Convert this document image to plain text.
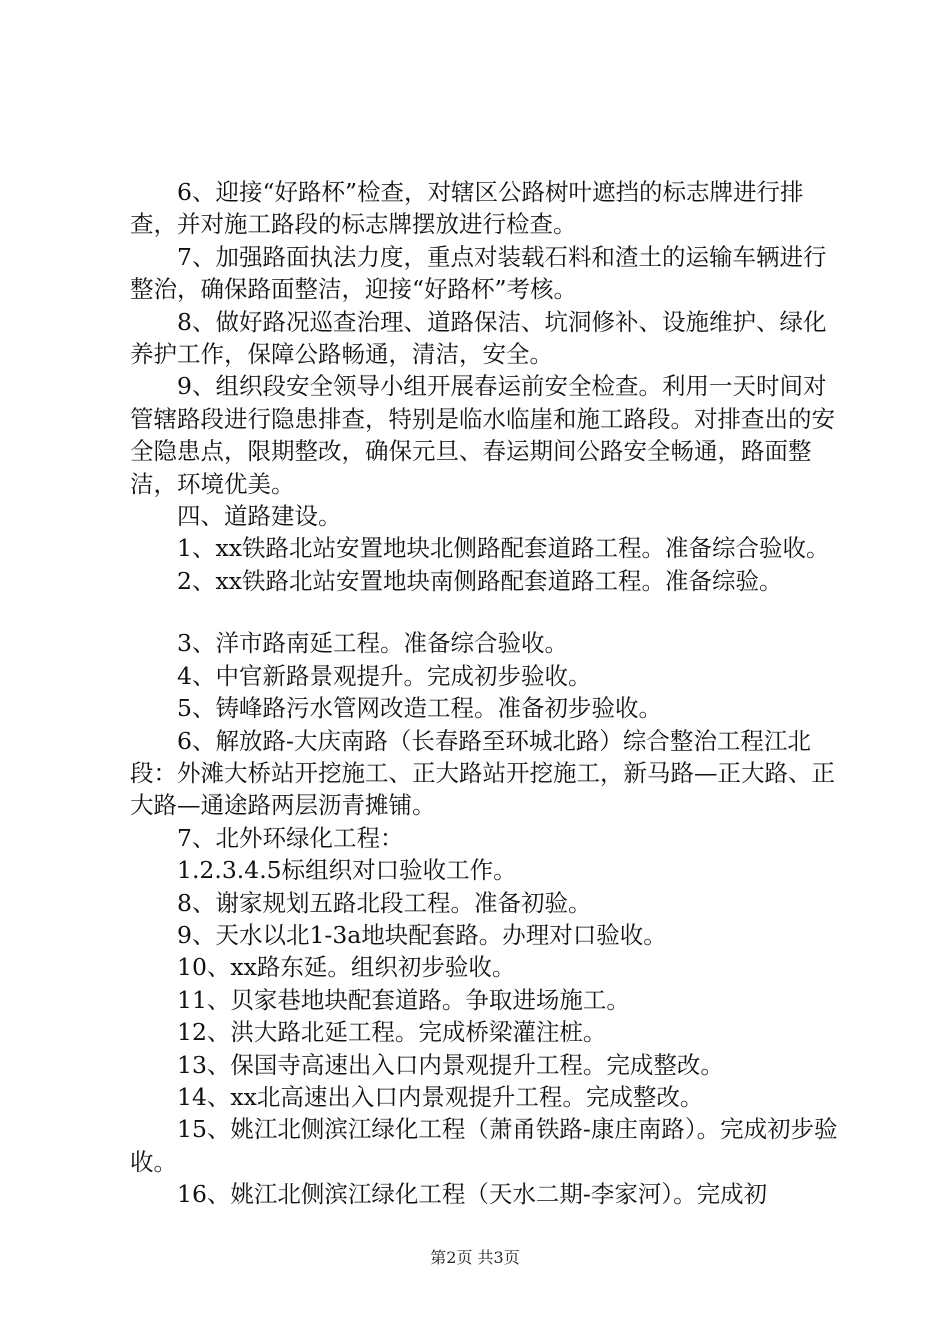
6、迎接“好路杯”检查，对辖区公路树叶遮挡的标志牌进行排查，并对施工路段的标志牌摆放进行检查。

7、加强路面执法力度，重点对装载石料和渣土的运输车辆进行整治，确保路面整洁，迎接“好路杯”考核。

8、做好路况巡查治理、道路保洁、坑洞修补、设施维护、绿化养护工作，保障公路畅通，清洁，安全。

9、组织段安全领导小组开展春运前安全检查。利用一天时间对管辖路段进行隐患排查，特别是临水临崖和施工路段。对排查出的安全隐患点，限期整改，确保元旦、春运期间公路安全畅通，路面整洁，环境优美。

四、道路建设。

1、xx铁路北站安置地块北侧路配套道路工程。准备综合验收。

2、xx铁路北站安置地块南侧路配套道路工程。准备综验。

3、洋市路南延工程。准备综合验收。

4、中官新路景观提升。完成初步验收。

5、铸峰路污水管网改造工程。准备初步验收。

6、解放路-大庆南路（长春路至环城北路）综合整治工程江北段：外滩大桥站开挖施工、正大路站开挖施工，新马路—正大路、正大路—通途路两层沥青摊铺。

7、北外环绿化工程：

1.2.3.4.5标组织对口验收工作。

8、谢家规划五路北段工程。准备初验。

9、天水以北1-3a地块配套路。办理对口验收。

10、xx路东延。组织初步验收。

11、贝家巷地块配套道路。争取进场施工。

12、洪大路北延工程。完成桥梁灌注桩。

13、保国寺高速出入口内景观提升工程。完成整改。

14、xx北高速出入口内景观提升工程。完成整改。

15、姚江北侧滨江绿化工程（萧甬铁路-康庄南路）。完成初步验收。

16、姚江北侧滨江绿化工程（天水二期-李家河）。完成初

第2页 共3页
